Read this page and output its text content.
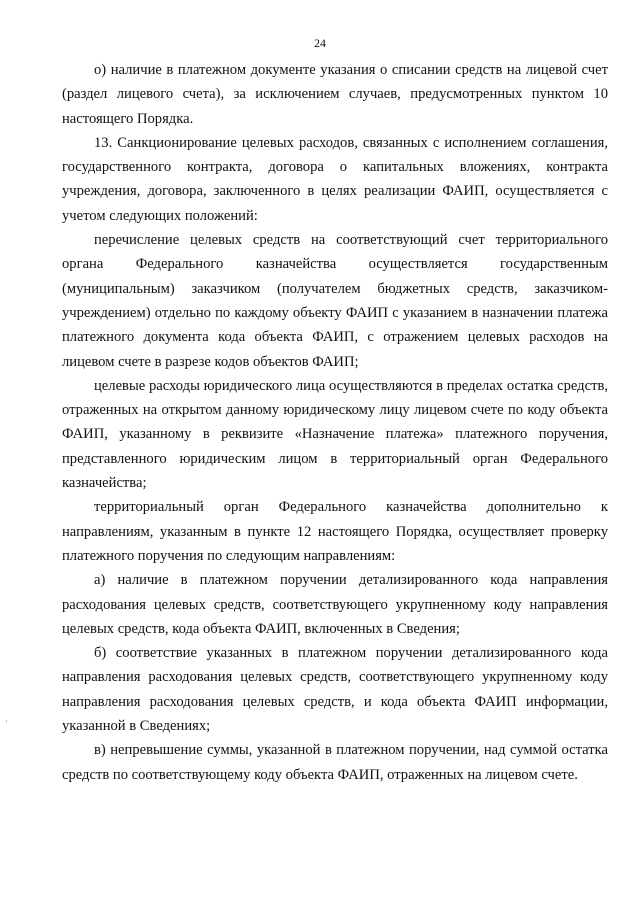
24

о) наличие в платежном документе указания о списании средств на лицевой счет (раздел лицевого счета), за исключением случаев, предусмотренных пунктом 10 настоящего Порядка.

13. Санкционирование целевых расходов, связанных с исполнением соглашения, государственного контракта, договора о капитальных вложениях, контракта учреждения, договора, заключенного в целях реализации ФАИП, осуществляется с учетом следующих положений:

перечисление целевых средств на соответствующий счет территориального органа Федерального казначейства осуществляется государственным (муниципальным) заказчиком (получателем бюджетных средств, заказчиком-учреждением) отдельно по каждому объекту ФАИП с указанием в назначении платежа платежного документа кода объекта ФАИП, с отражением целевых расходов на лицевом счете в разрезе кодов объектов ФАИП;

целевые расходы юридического лица осуществляются в пределах остатка средств, отраженных на открытом данному юридическому лицу лицевом счете по коду объекта ФАИП, указанному в реквизите «Назначение платежа» платежного поручения, представленного юридическим лицом в территориальный орган Федерального казначейства;

территориальный орган Федерального казначейства дополнительно к направлениям, указанным в пункте 12 настоящего Порядка, осуществляет проверку платежного поручения по следующим направлениям:

а) наличие в платежном поручении детализированного кода направления расходования целевых средств, соответствующего укрупненному коду направления целевых средств, кода объекта ФАИП, включенных в Сведения;

б) соответствие указанных в платежном поручении детализированного кода направления расходования целевых средств, соответствующего укрупненному коду направления расходования целевых средств, и кода объекта ФАИП информации, указанной в Сведениях;

в) непревышение суммы, указанной в платежном поручении, над суммой остатка средств по соответствующему коду объекта ФАИП, отраженных на лицевом счете.
